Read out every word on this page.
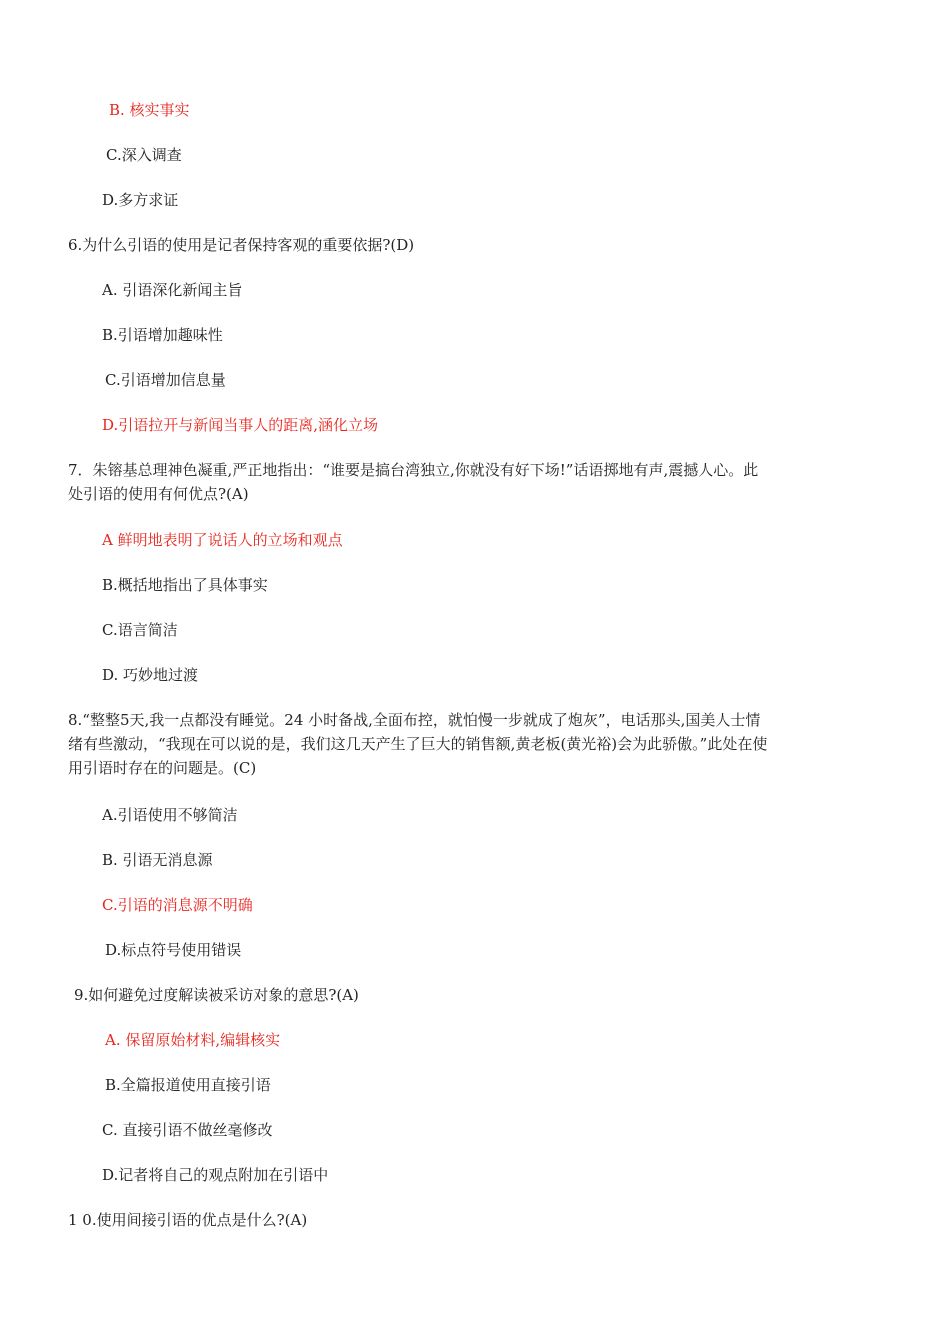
B. 核实事实
C.深入调查
D.多方求证
6.为什么引语的使用是记者保持客观的重要依据?(D)
A. 引语深化新闻主旨
B.引语增加趣味性
C.引语增加信息量
D.引语拉开与新闻当事人的距离,涵化立场
7．朱镕基总理神色凝重,严正地指出：“谁要是搞台湾独立,你就没有好下场!”话语掷地有声,震撼人心。此
处引语的使用有何优点?(A)
A 鲜明地表明了说话人的立场和观点
B.概括地指出了具体事实
C.语言简洁
D. 巧妙地过渡
8.“整整5天,我一点都没有睡觉。24 小时备战,全面布控，就怕慢一步就成了炮灰”，电话那头,国美人士情
绪有些激动，“我现在可以说的是，我们这几天产生了巨大的销售额,黄老板(黄光裕)会为此骄傲。”此处在使
用引语时存在的问题是。(C)
A.引语使用不够简洁
B. 引语无消息源
C.引语的消息源不明确
D.标点符号使用错误
9.如何避免过度解读被采访对象的意思?(A)
A. 保留原始材料,编辑核实
B.全篇报道使用直接引语
C. 直接引语不做丝毫修改
D.记者将自己的观点附加在引语中
1 0.使用间接引语的优点是什么?(A)
